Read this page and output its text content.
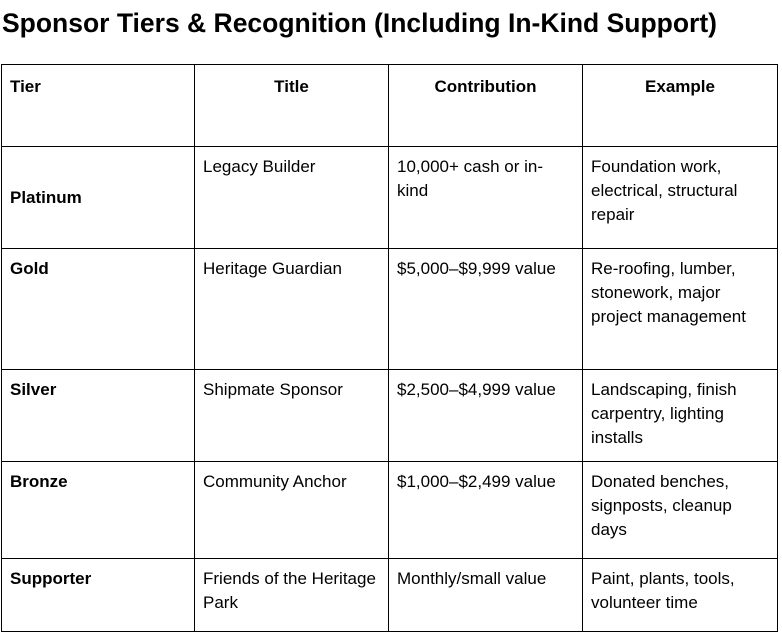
Sponsor Tiers & Recognition (Including In-Kind Support)
Tier	Title	Contribution	Example
Platinum	Legacy Builder	10,000+ cash or in-kind	Foundation work, electrical, structural repair
Gold	Heritage Guardian	$5,000–$9,999 value	Re-roofing, lumber, stonework, major project management
Silver	Shipmate Sponsor	$2,500–$4,999 value	Landscaping, finish carpentry, lighting installs
Bronze	Community Anchor	$1,000–$2,499 value	Donated benches, signposts, cleanup days
Supporter	Friends of the Heritage Park	Monthly/small value	Paint, plants, tools, volunteer time
